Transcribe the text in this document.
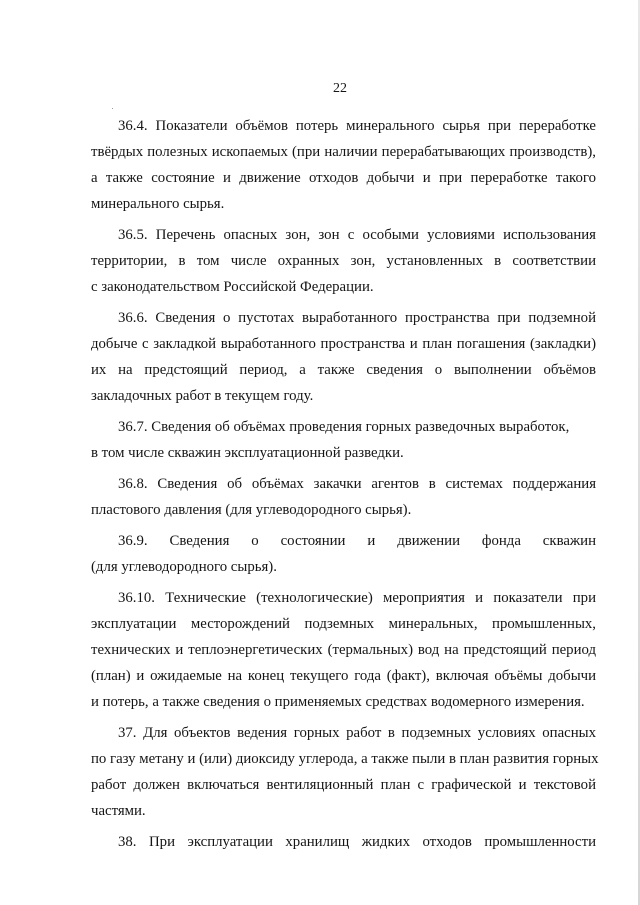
22
36.4. Показатели объёмов потерь минерального сырья при переработке
твёрдых полезных ископаемых (при наличии перерабатывающих производств),
а также состояние и движение отходов добычи и при переработке такого
минерального сырья.
36.5. Перечень опасных зон, зон с особыми условиями использования
территории, в том числе охранных зон, установленных в соответствии
с законодательством Российской Федерации.
36.6. Сведения о пустотах выработанного пространства при подземной
добыче с закладкой выработанного пространства и план погашения (закладки)
их на предстоящий период, а также сведения о выполнении объёмов
закладочных работ в текущем году.
36.7. Сведения об объёмах проведения горных разведочных выработок,
в том числе скважин эксплуатационной разведки.
36.8. Сведения об объёмах закачки агентов в системах поддержания
пластового давления (для углеводородного сырья).
36.9. Сведения о состоянии и движении фонда скважин
(для углеводородного сырья).
36.10. Технические (технологические) мероприятия и показатели при
эксплуатации месторождений подземных минеральных, промышленных,
технических и теплоэнергетических (термальных) вод на предстоящий период
(план) и ожидаемые на конец текущего года (факт), включая объёмы добычи
и потерь, а также сведения о применяемых средствах водомерного измерения.
37. Для объектов ведения горных работ в подземных условиях опасных
по газу метану и (или) диоксиду углерода, а также пыли в план развития горных
работ должен включаться вентиляционный план с графической и текстовой
частями.
38. При эксплуатации хранилищ жидких отходов промышленности
